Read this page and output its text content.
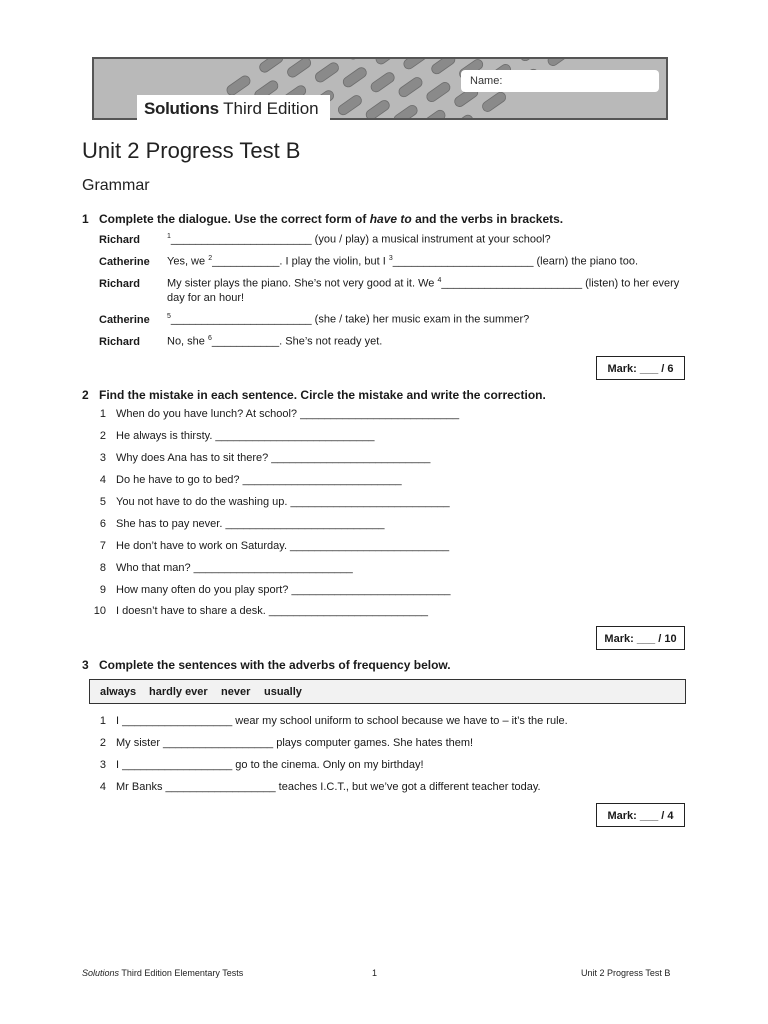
Name:
Solutions Third Edition
Unit 2 Progress Test B
Grammar
1 Complete the dialogue. Use the correct form of have to and the verbs in brackets.
Richard	$^1$_______________________ (you / play) a musical instrument at your school?
Catherine Yes, we $^2$___________. I play the violin, but I $^3$_______________________ (learn) the piano too.
Richard My sister plays the piano. She’s not very good at it. We $^4$_______________________ (listen) to her every
day for an hour!
Catherine $^5$_______________________ (she / take) her music exam in the summer?
Richard No, she $^6$___________. She’s not ready yet.
Mark: ___ / 6
2 Find the mistake in each sentence. Circle the mistake and write the correction.
1 When do you have lunch? At school? __________________________
2 He always is thirsty. __________________________
3 Why does Ana has to sit there? __________________________
4 Do he have to go to bed? __________________________
5 You not have to do the washing up. __________________________
6 She has to pay never. __________________________
7 He don’t have to work on Saturday. __________________________
8 Who that man? __________________________
9 How many often do you play sport? __________________________
10 I doesn’t have to share a desk. __________________________
Mark: ___ / 10
3 Complete the sentences with the adverbs of frequency below.
always hardly ever never usually
1 I __________________ wear my school uniform to school because we have to – it’s the rule.
2 My sister __________________ plays computer games. She hates them!
3 I __________________ go to the cinema. Only on my birthday!
4 Mr Banks __________________ teaches I.C.T., but we’ve got a different teacher today.
Mark: ___ / 4
Solutions Third Edition Elementary Tests	1	Unit 2 Progress Test B
